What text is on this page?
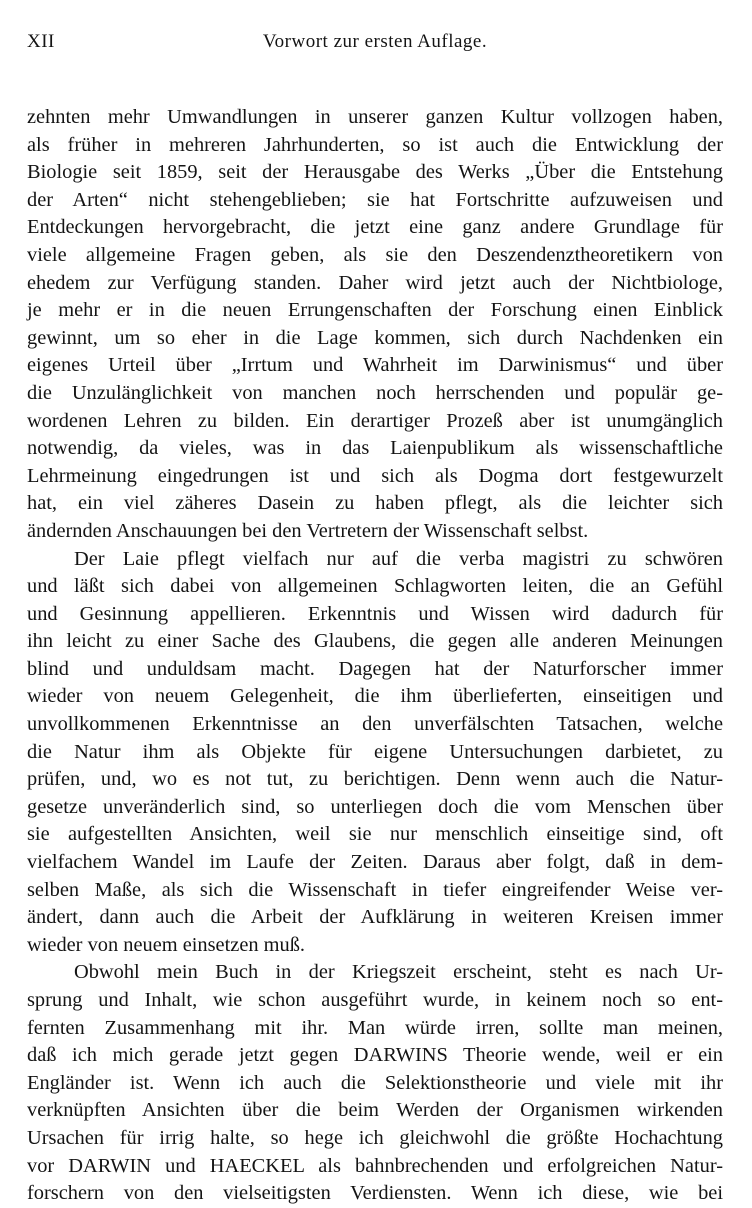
XII	Vorwort zur ersten Auflage.
zehnten mehr Umwandlungen in unserer ganzen Kultur vollzogen haben,
als früher in mehreren Jahrhunderten, so ist auch die Entwicklung der
Biologie seit 1859, seit der Herausgabe des Werks „Über die Entstehung
der Arten“ nicht stehengeblieben; sie hat Fortschritte aufzuweisen und
Entdeckungen hervorgebracht, die jetzt eine ganz andere Grundlage für
viele allgemeine Fragen geben, als sie den Deszendenztheoretikern von
ehedem zur Verfügung standen. Daher wird jetzt auch der Nichtbiologe,
je mehr er in die neuen Errungenschaften der Forschung einen Einblick
gewinnt, um so eher in die Lage kommen, sich durch Nachdenken ein
eigenes Urteil über „Irrtum und Wahrheit im Darwinismus“ und über
die Unzulänglichkeit von manchen noch herrschenden und populär ge-
wordenen Lehren zu bilden. Ein derartiger Prozeß aber ist unumgänglich
notwendig, da vieles, was in das Laienpublikum als wissenschaftliche
Lehrmeinung eingedrungen ist und sich als Dogma dort festgewurzelt
hat, ein viel zäheres Dasein zu haben pflegt, als die leichter sich
ändernden Anschauungen bei den Vertretern der Wissenschaft selbst.
Der Laie pflegt vielfach nur auf die verba magistri zu schwören
und läßt sich dabei von allgemeinen Schlagworten leiten, die an Gefühl
und Gesinnung appellieren. Erkenntnis und Wissen wird dadurch für
ihn leicht zu einer Sache des Glaubens, die gegen alle anderen Meinungen
blind und unduldsam macht. Dagegen hat der Naturforscher immer
wieder von neuem Gelegenheit, die ihm überlieferten, einseitigen und
unvollkommenen Erkenntnisse an den unverfälschten Tatsachen, welche
die Natur ihm als Objekte für eigene Untersuchungen darbietet, zu
prüfen, und, wo es not tut, zu berichtigen. Denn wenn auch die Natur-
gesetze unveränderlich sind, so unterliegen doch die vom Menschen über
sie aufgestellten Ansichten, weil sie nur menschlich einseitige sind, oft
vielfachem Wandel im Laufe der Zeiten. Daraus aber folgt, daß in dem-
selben Maße, als sich die Wissenschaft in tiefer eingreifender Weise ver-
ändert, dann auch die Arbeit der Aufklärung in weiteren Kreisen immer
wieder von neuem einsetzen muß.
Obwohl mein Buch in der Kriegszeit erscheint, steht es nach Ur-
sprung und Inhalt, wie schon ausgeführt wurde, in keinem noch so ent-
fernten Zusammenhang mit ihr. Man würde irren, sollte man meinen,
daß ich mich gerade jetzt gegen DARWINS Theorie wende, weil er ein
Engländer ist. Wenn ich auch die Selektionstheorie und viele mit ihr
verknüpften Ansichten über die beim Werden der Organismen wirkenden
Ursachen für irrig halte, so hege ich gleichwohl die größte Hochachtung
vor DARWIN und HAECKEL als bahnbrechenden und erfolgreichen Natur-
forschern von den vielseitigsten Verdiensten. Wenn ich diese, wie bei
